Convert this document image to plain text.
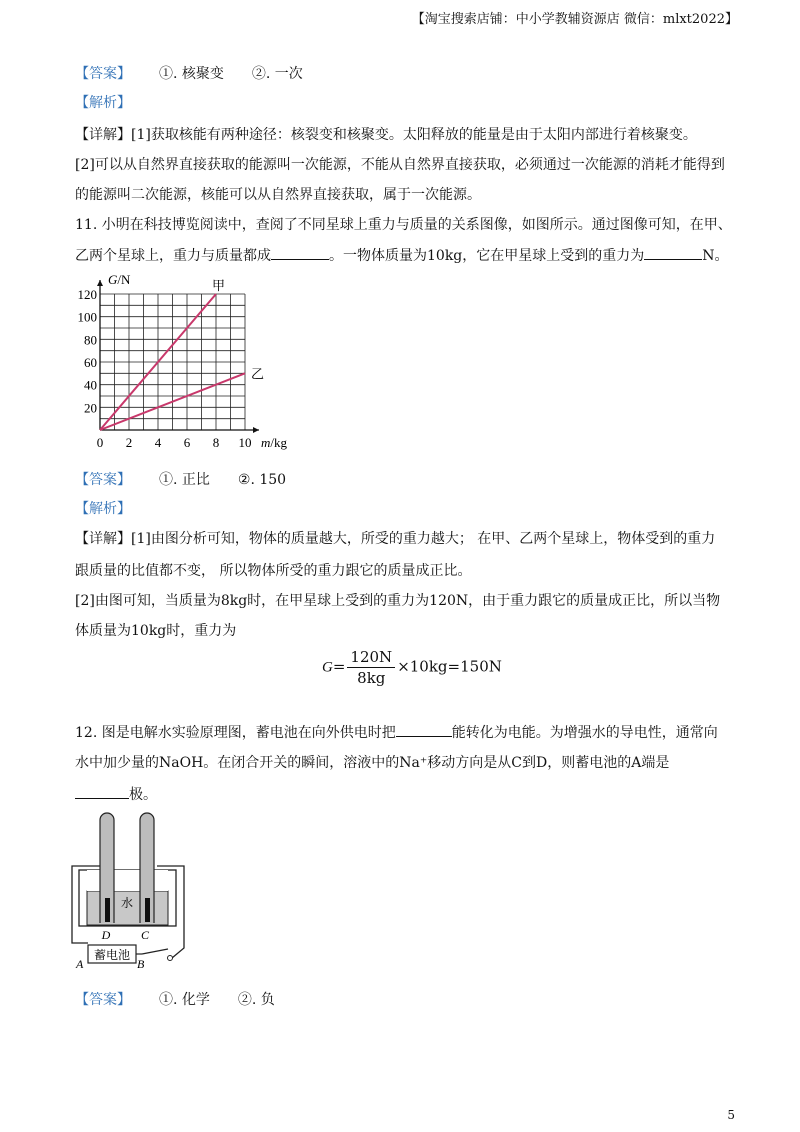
【淘宝搜索店铺：中小学教辅资源店 微信：mlxt2022】
【答案】 ①. 核聚变 ②. 一次
【解析】
【详解】[1]获取核能有两种途径：核裂变和核聚变。太阳释放的能量是由于太阳内部进行着核聚变。
[2]可以从自然界直接获取的能源叫一次能源，不能从自然界直接获取，必须通过一次能源的消耗才能得到
的能源叫二次能源，核能可以从自然界直接获取，属于一次能源。
11. 小明在科技博览阅读中，查阅了不同星球上重力与质量的关系图像，如图所示。通过图像可知，在甲、
乙两个星球上，重力与质量都成	。一物体质量为10kg，它在甲星球上受到的重力为	N。
0 2 4 6 8 10
20
40
60
80
100
120
G/N
m/kg
甲
乙
【答案】 ①. 正比 ②. 150
【解析】
【详解】[1]由图分析可知，物体的质量越大，所受的重力越大； 在甲、乙两个星球上，物体受到的重力
跟质量的比值都不变， 所以物体所受的重力跟它的质量成正比。
[2]由图可知，当质量为8kg时，在甲星球上受到的重力为120N，由于重力跟它的质量成正比，所以当物
体质量为10kg时，重力为
$G= \frac{120N}{8kg} \times 10kg=150N$
12. 图是电解水实验原理图，蓄电池在向外供电时把	能转化为电能。为增强水的导电性，通常向
水中加少量的NaOH。在闭合开关的瞬间，溶液中的Na⁺移动方向是从C到D，则蓄电池的A端是
极。
水
D	C
蓄电池
A	B
【答案】 ①. 化学 ②. 负
5
